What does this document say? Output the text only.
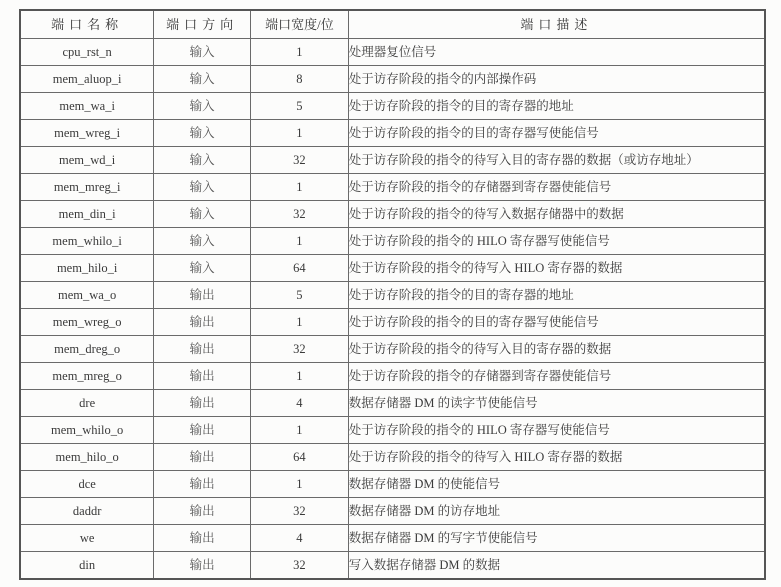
端口名称	端口方向	端口宽度/位	端口描述
cpu_rst_n	输入	1	处理器复位信号
mem_aluop_i	输入	8	处于访存阶段的指令的内部操作码
mem_wa_i	输入	5	处于访存阶段的指令的目的寄存器的地址
mem_wreg_i	输入	1	处于访存阶段的指令的目的寄存器写使能信号
mem_wd_i	输入	32	处于访存阶段的指令的待写入目的寄存器的数据（或访存地址）
mem_mreg_i	输入	1	处于访存阶段的指令的存储器到寄存器使能信号
mem_din_i	输入	32	处于访存阶段的指令的待写入数据存储器中的数据
mem_whilo_i	输入	1	处于访存阶段的指令的 HILO 寄存器写使能信号
mem_hilo_i	输入	64	处于访存阶段的指令的待写入 HILO 寄存器的数据
mem_wa_o	输出	5	处于访存阶段的指令的目的寄存器的地址
mem_wreg_o	输出	1	处于访存阶段的指令的目的寄存器写使能信号
mem_dreg_o	输出	32	处于访存阶段的指令的待写入目的寄存器的数据
mem_mreg_o	输出	1	处于访存阶段的指令的存储器到寄存器使能信号
dre	输出	4	数据存储器 DM 的读字节使能信号
mem_whilo_o	输出	1	处于访存阶段的指令的 HILO 寄存器写使能信号
mem_hilo_o	输出	64	处于访存阶段的指令的待写入 HILO 寄存器的数据
dce	输出	1	数据存储器 DM 的使能信号
daddr	输出	32	数据存储器 DM 的访存地址
we	输出	4	数据存储器 DM 的写字节使能信号
din	输出	32	写入数据存储器 DM 的数据
